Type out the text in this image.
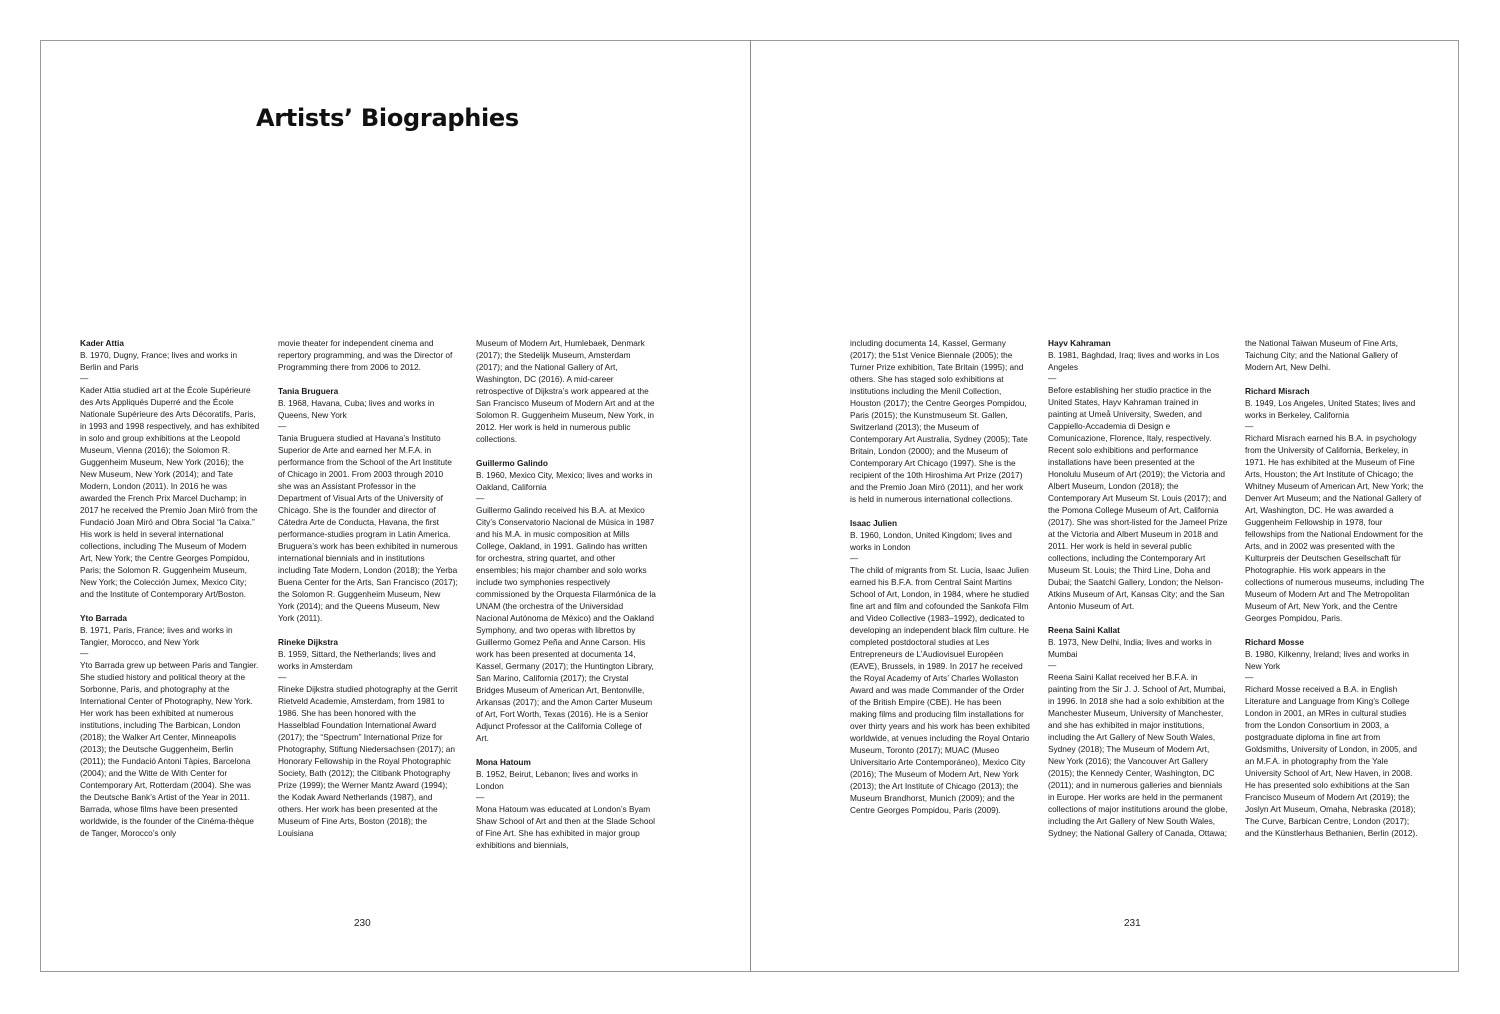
Artists’ Biographies

Kader Attia

B. 1970, Dugny, France; lives and works in Berlin and Paris

—

Kader Attia studied art at the École Supérieure des Arts Appliqués Duperré and the École Nationale Supérieure des Arts Décoratifs, Paris, in 1993 and 1998 respectively, and has exhibited in solo and group exhibitions at the Leopold Museum, Vienna (2016); the Solomon R. Guggenheim Museum, New York (2016); the New Museum, New York (2014); and Tate Modern, London (2011). In 2016 he was awarded the French Prix Marcel Duchamp; in 2017 he received the Premio Joan Miró from the Fundació Joan Miró and Obra Social “la Caixa.” His work is held in several international collections, including The Museum of Modern Art, New York; the Centre Georges Pompidou, Paris; the Solomon R. Guggenheim Museum, New York; the Colección Jumex, Mexico City; and the Institute of Contemporary Art/Boston.

Yto Barrada

B. 1971, Paris, France; lives and works in Tangier, Morocco, and New York

—

Yto Barrada grew up between Paris and Tangier. She studied history and political theory at the Sorbonne, Paris, and photography at the International Center of Photography, New York. Her work has been exhibited at numerous institutions, including The Barbican, London (2018); the Walker Art Center, Minneapolis (2013); the Deutsche Guggenheim, Berlin (2011); the Fundació Antoni Tàpies, Barcelona (2004); and the Witte de With Center for Contemporary Art, Rotterdam (2004). She was the Deutsche Bank’s Artist of the Year in 2011. Barrada, whose films have been presented worldwide, is the founder of the Cinéma-thèque de Tanger, Morocco’s only

movie theater for independent cinema and repertory programming, and was the Director of Programming there from 2006 to 2012.

Tania Bruguera

B. 1968, Havana, Cuba; lives and works in Queens, New York

—

Tania Bruguera studied at Havana’s Instituto Superior de Arte and earned her M.F.A. in performance from the School of the Art Institute of Chicago in 2001. From 2003 through 2010 she was an Assistant Professor in the Department of Visual Arts of the University of Chicago. She is the founder and director of Cátedra Arte de Conducta, Havana, the first performance-studies program in Latin America. Bruguera’s work has been exhibited in numerous international biennials and in institutions including Tate Modern, London (2018); the Yerba Buena Center for the Arts, San Francisco (2017); the Solomon R. Guggenheim Museum, New York (2014); and the Queens Museum, New York (2011).

Rineke Dijkstra

B. 1959, Sittard, the Netherlands; lives and works in Amsterdam

—

Rineke Dijkstra studied photography at the Gerrit Rietveld Academie, Amsterdam, from 1981 to 1986. She has been honored with the Hasselblad Foundation International Award (2017); the “Spectrum” International Prize for Photography, Stiftung Niedersachsen (2017); an Honorary Fellowship in the Royal Photographic Society, Bath (2012); the Citibank Photography Prize (1999); the Werner Mantz Award (1994); the Kodak Award Netherlands (1987), and others. Her work has been presented at the Museum of Fine Arts, Boston (2018); the Louisiana

Museum of Modern Art, Humlebaek, Denmark (2017); the Stedelijk Museum, Amsterdam (2017); and the National Gallery of Art, Washington, DC (2016). A mid-career retrospective of Dijkstra’s work appeared at the San Francisco Museum of Modern Art and at the Solomon R. Guggenheim Museum, New York, in 2012. Her work is held in numerous public collections.

Guillermo Galindo

B. 1960, Mexico City, Mexico; lives and works in Oakland, California

—

Guillermo Galindo received his B.A. at Mexico City’s Conservatorio Nacional de Música in 1987 and his M.A. in music composition at Mills College, Oakland, in 1991. Galindo has written for orchestra, string quartet, and other ensembles; his major chamber and solo works include two symphonies respectively commissioned by the Orquesta Filarmónica de la UNAM (the orchestra of the Universidad Nacional Autónoma de México) and the Oakland Symphony, and two operas with librettos by Guillermo Gomez Peña and Anne Carson. His work has been presented at documenta 14, Kassel, Germany (2017); the Huntington Library, San Marino, California (2017); the Crystal Bridges Museum of American Art, Bentonville, Arkansas (2017); and the Amon Carter Museum of Art, Fort Worth, Texas (2016). He is a Senior Adjunct Professor at the California College of Art.

Mona Hatoum

B. 1952, Beirut, Lebanon; lives and works in London

—

Mona Hatoum was educated at London’s Byam Shaw School of Art and then at the Slade School of Fine Art. She has exhibited in major group exhibitions and biennials,

including documenta 14, Kassel, Germany (2017); the 51st Venice Biennale (2005); the Turner Prize exhibition, Tate Britain (1995); and others. She has staged solo exhibitions at institutions including the Menil Collection, Houston (2017); the Centre Georges Pompidou, Paris (2015); the Kunstmuseum St. Gallen, Switzerland (2013); the Museum of Contemporary Art Australia, Sydney (2005); Tate Britain, London (2000); and the Museum of Contemporary Art Chicago (1997). She is the recipient of the 10th Hiroshima Art Prize (2017) and the Premio Joan Miró (2011), and her work is held in numerous international collections.

Isaac Julien

B. 1960, London, United Kingdom; lives and works in London

—

The child of migrants from St. Lucia, Isaac Julien earned his B.F.A. from Central Saint Martins School of Art, London, in 1984, where he studied fine art and film and cofounded the Sankofa Film and Video Collective (1983–1992), dedicated to developing an independent black film culture. He completed postdoctoral studies at Les Entrepreneurs de L’Audiovisuel Européen (EAVE), Brussels, in 1989. In 2017 he received the Royal Academy of Arts’ Charles Wollaston Award and was made Commander of the Order of the British Empire (CBE). He has been making films and producing film installations for over thirty years and his work has been exhibited worldwide, at venues including the Royal Ontario Museum, Toronto (2017); MUAC (Museo Universitario Arte Contemporáneo), Mexico City (2016); The Museum of Modern Art, New York (2013); the Art Institute of Chicago (2013); the Museum Brandhorst, Munich (2009); and the Centre Georges Pompidou, Paris (2009).

Hayv Kahraman

B. 1981, Baghdad, Iraq; lives and works in Los Angeles

—

Before establishing her studio practice in the United States, Hayv Kahraman trained in painting at Umeå University, Sweden, and Cappiello-Accademia di Design e Comunicazione, Florence, Italy, respectively. Recent solo exhibitions and performance installations have been presented at the Honolulu Museum of Art (2019); the Victoria and Albert Museum, London (2018); the Contemporary Art Museum St. Louis (2017); and the Pomona College Museum of Art, California (2017). She was short-listed for the Jameel Prize at the Victoria and Albert Museum in 2018 and 2011. Her work is held in several public collections, including the Contemporary Art Museum St. Louis; the Third Line, Doha and Dubai; the Saatchi Gallery, London; the Nelson-Atkins Museum of Art, Kansas City; and the San Antonio Museum of Art.

Reena Saini Kallat

B. 1973, New Delhi, India; lives and works in Mumbai

—

Reena Saini Kallat received her B.F.A. in painting from the Sir J. J. School of Art, Mumbai, in 1996. In 2018 she had a solo exhibition at the Manchester Museum, University of Manchester, and she has exhibited in major institutions, including the Art Gallery of New South Wales, Sydney (2018); The Museum of Modern Art, New York (2016); the Vancouver Art Gallery (2015); the Kennedy Center, Washington, DC (2011); and in numerous galleries and biennials in Europe. Her works are held in the permanent collections of major institutions around the globe, including the Art Gallery of New South Wales, Sydney; the National Gallery of Canada, Ottawa;

the National Taiwan Museum of Fine Arts, Taichung City; and the National Gallery of Modern Art, New Delhi.

Richard Misrach

B. 1949, Los Angeles, United States; lives and works in Berkeley, California

—

Richard Misrach earned his B.A. in psychology from the University of California, Berkeley, in 1971. He has exhibited at the Museum of Fine Arts, Houston; the Art Institute of Chicago; the Whitney Museum of American Art, New York; the Denver Art Museum; and the National Gallery of Art, Washington, DC. He was awarded a Guggenheim Fellowship in 1978, four fellowships from the National Endowment for the Arts, and in 2002 was presented with the Kulturpreis der Deutschen Gesellschaft für Photographie. His work appears in the collections of numerous museums, including The Museum of Modern Art and The Metropolitan Museum of Art, New York, and the Centre Georges Pompidou, Paris.

Richard Mosse

B. 1980, Kilkenny, Ireland; lives and works in New York

—

Richard Mosse received a B.A. in English Literature and Language from King’s College London in 2001, an MRes in cultural studies from the London Consortium in 2003, a postgraduate diploma in fine art from Goldsmiths, University of London, in 2005, and an M.F.A. in photography from the Yale University School of Art, New Haven, in 2008. He has presented solo exhibitions at the San Francisco Museum of Modern Art (2019); the Joslyn Art Museum, Omaha, Nebraska (2018); The Curve, Barbican Centre, London (2017); and the Künstlerhaus Bethanien, Berlin (2012).

230	231
